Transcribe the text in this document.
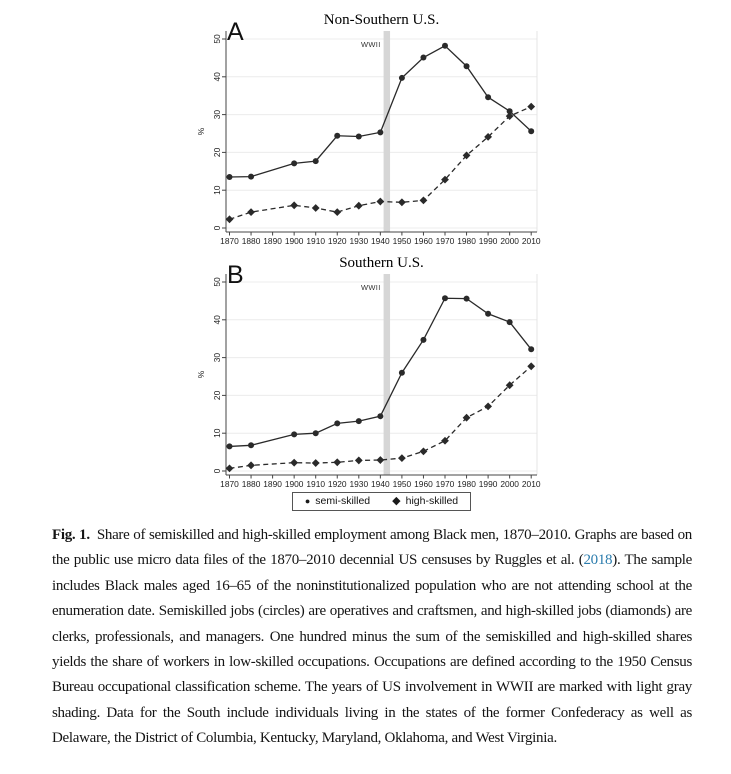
WWII
0
10
20
30
40
50
1870 1880 1890 1900 1910 1920 1930 1940 1950 1960 1970 1980 1990 2000 2010
%
Non-Southern U.S.
A
WWII
0
10
20
30
40
50
1870 1880 1890 1900 1910 1920 1930 1940 1950 1960 1970 1980 1990 2000 2010
%
Southern U.S.
B
● semi-skilled ◆ high-skilled

Fig. 1. Share of semiskilled and high-skilled employment among Black men, 1870–2010. Graphs are based on the public use micro data files of the 1870–2010 decennial US censuses by Ruggles et al. (2018). The sample includes Black males aged 16–65 of the noninstitutionalized population who are not attending school at the enumeration date. Semiskilled jobs (circles) are operatives and craftsmen, and high-skilled jobs (diamonds) are clerks, professionals, and managers. One hundred minus the sum of the semiskilled and high-skilled shares yields the share of workers in low-skilled occupations. Occupations are defined according to the 1950 Census Bureau occupational classification scheme. The years of US involvement in WWII are marked with light gray shading. Data for the South include individuals living in the states of the former Confederacy as well as Delaware, the District of Columbia, Kentucky, Maryland, Oklahoma, and West Virginia.
